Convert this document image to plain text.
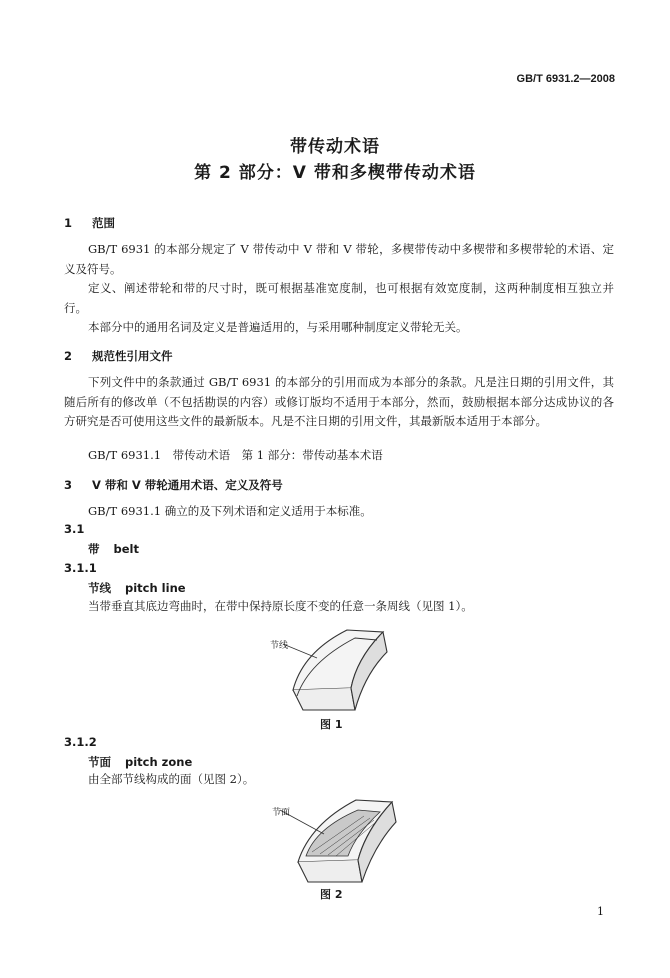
GB/T 6931.2—2008
带传动术语
第 2 部分：V 带和多楔带传动术语
1 范围
GB/T 6931 的本部分规定了 V 带传动中 V 带和 V 带轮，多楔带传动中多楔带和多楔带轮的术语、定义及符号。
定义、阐述带轮和带的尺寸时，既可根据基准宽度制，也可根据有效宽度制，这两种制度相互独立并行。
本部分中的通用名词及定义是普遍适用的，与采用哪种制度定义带轮无关。
2 规范性引用文件
下列文件中的条款通过 GB/T 6931 的本部分的引用而成为本部分的条款。凡是注日期的引用文件，其随后所有的修改单（不包括勘误的内容）或修订版均不适用于本部分，然而，鼓励根据本部分达成协议的各方研究是否可使用这些文件的最新版本。凡是不注日期的引用文件，其最新版本适用于本部分。
GB/T 6931.1　 带传动术语　第 1 部分：带传动基本术语
3 V 带和 V 带轮通用术语、定义及符号
GB/T 6931.1 确立的及下列术语和定义适用于本标准。
3.1
带 belt
3.1.1
节线 pitch line
当带垂直其底边弯曲时，在带中保持原长度不变的任意一条周线（见图 1）。
节线
图 1
3.1.2
节面 pitch zone
由全部节线构成的面（见图 2）。
节面
图 2
1
